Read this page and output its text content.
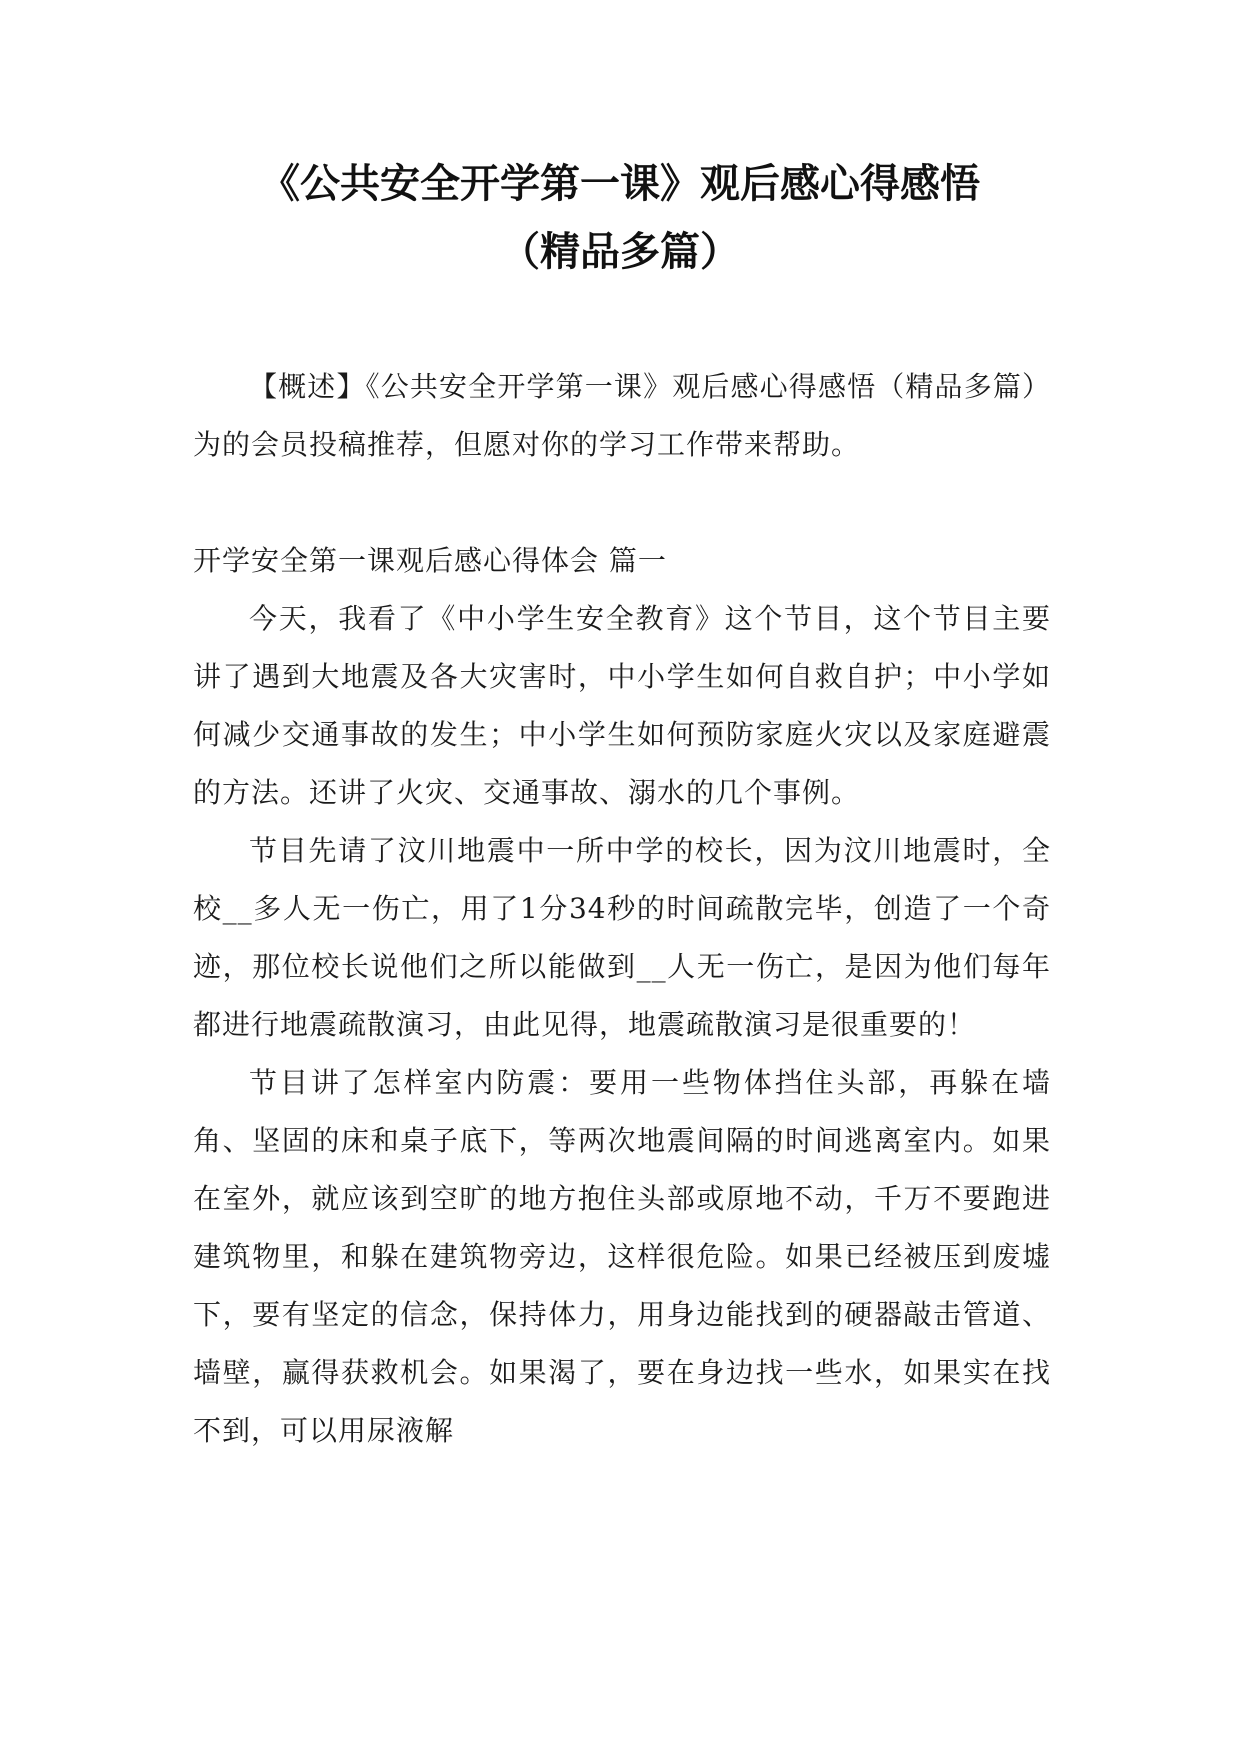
《公共安全开学第一课》观后感心得感悟
（精品多篇）

【概述】《公共安全开学第一课》观后感心得感悟（精品多篇）为的会员投稿推荐，但愿对你的学习工作带来帮助。

开学安全第一课观后感心得体会 篇一

今天，我看了《中小学生安全教育》这个节目，这个节目主要讲了遇到大地震及各大灾害时，中小学生如何自救自护；中小学如何减少交通事故的发生；中小学生如何预防家庭火灾以及家庭避震的方法。还讲了火灾、交通事故、溺水的几个事例。

节目先请了汶川地震中一所中学的校长，因为汶川地震时，全校__多人无一伤亡，用了1分34秒的时间疏散完毕，创造了一个奇迹，那位校长说他们之所以能做到__人无一伤亡，是因为他们每年都进行地震疏散演习，由此见得，地震疏散演习是很重要的！

节目讲了怎样室内防震：要用一些物体挡住头部，再躲在墙角、坚固的床和桌子底下，等两次地震间隔的时间逃离室内。如果在室外，就应该到空旷的地方抱住头部或原地不动，千万不要跑进建筑物里，和躲在建筑物旁边，这样很危险。如果已经被压到废墟下，要有坚定的信念，保持体力，用身边能找到的硬器敲击管道、墙壁，赢得获救机会。如果渴了，要在身边找一些水，如果实在找不到，可以用尿液解
